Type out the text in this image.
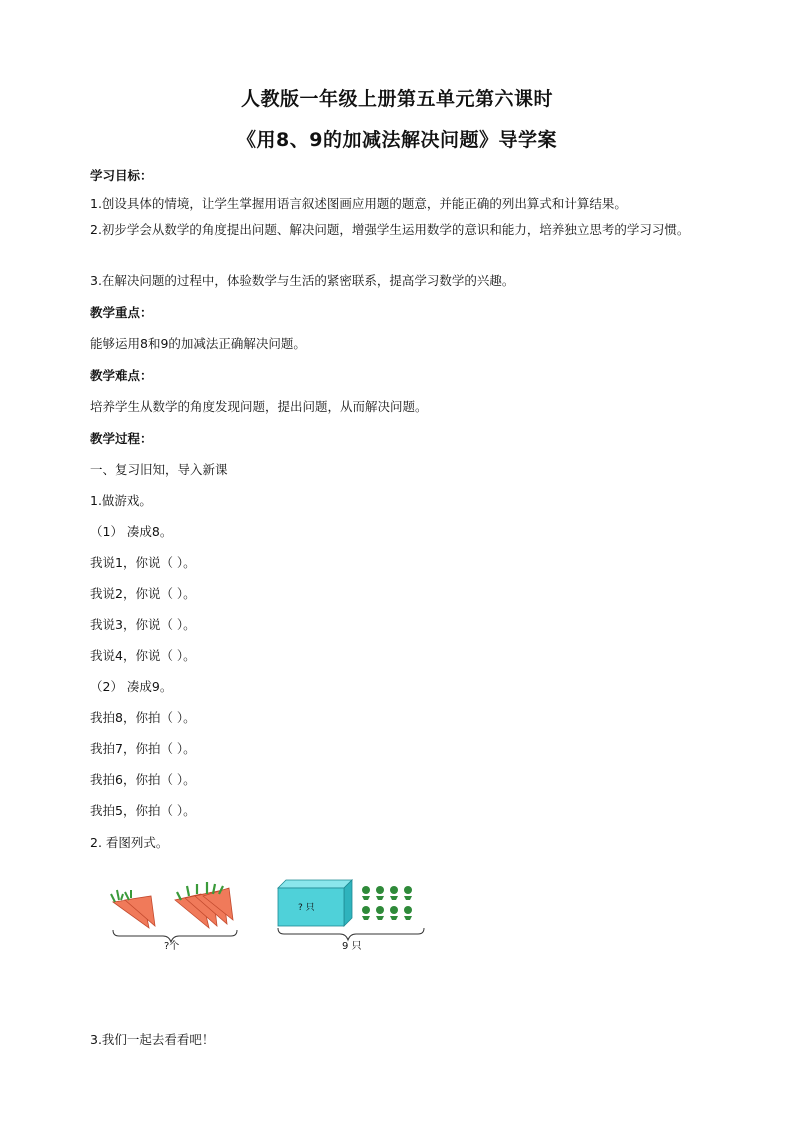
人教版一年级上册第五单元第六课时
《用8、9的加减法解决问题》导学案
学习目标：
1.创设具体的情境，让学生掌握用语言叙述图画应用题的题意，并能正确的列出算式和计算结果。
2.初步学会从数学的角度提出问题、解决问题，增强学生运用数学的意识和能力，培养独立思考的学习习惯。
3.在解决问题的过程中，体验数学与生活的紧密联系，提高学习数学的兴趣。
教学重点：
能够运用8和9的加减法正确解决问题。
教学难点：
培养学生从数学的角度发现问题，提出问题，从而解决问题。
教学过程：
一、复习旧知，导入新课
1.做游戏。
（1） 凑成8。
我说1，你说（ ）。
我说2，你说（ ）。
我说3，你说（ ）。
我说4，你说（ ）。
（2） 凑成9。
我拍8，你拍（ ）。
我拍7，你拍（ ）。
我拍6，你拍（ ）。
我拍5，你拍（ ）。
2. 看图列式。
?个
? 只
9 只
3.我们一起去看看吧！
